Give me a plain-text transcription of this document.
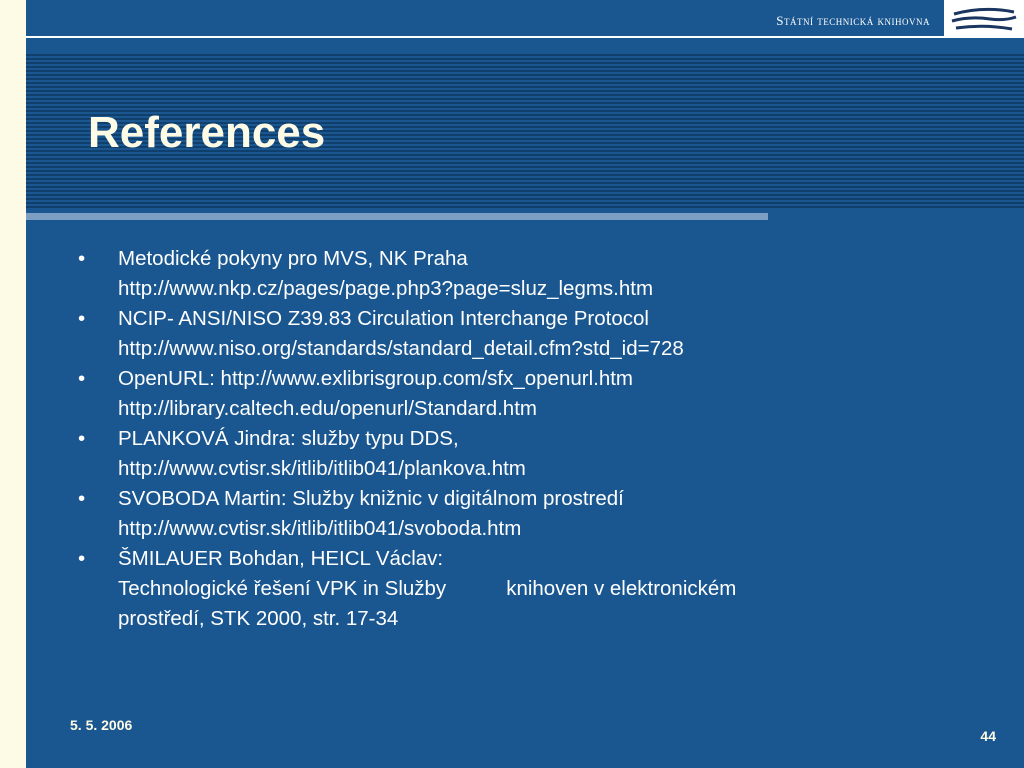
Státní technická knihovna
References
• Metodické pokyny pro MVS, NK Praha
http://www.nkp.cz/pages/page.php3?page=sluz_legms.htm
• NCIP- ANSI/NISO Z39.83 Circulation Interchange Protocol
http://www.niso.org/standards/standard_detail.cfm?std_id=728
• OpenURL: http://www.exlibrisgroup.com/sfx_openurl.htm
http://library.caltech.edu/openurl/Standard.htm
• PLANKOVÁ Jindra: služby typu DDS,
http://www.cvtisr.sk/itlib/itlib041/plankova.htm
• SVOBODA Martin: Služby knižnic v digitálnom prostredí
http://www.cvtisr.sk/itlib/itlib041/svoboda.htm
• ŠMILAUER Bohdan, HEICL Václav:
Technologické řešení VPK in Služby	knihoven v elektronickém
prostředí, STK 2000, str. 17-34
5. 5. 2006
44
